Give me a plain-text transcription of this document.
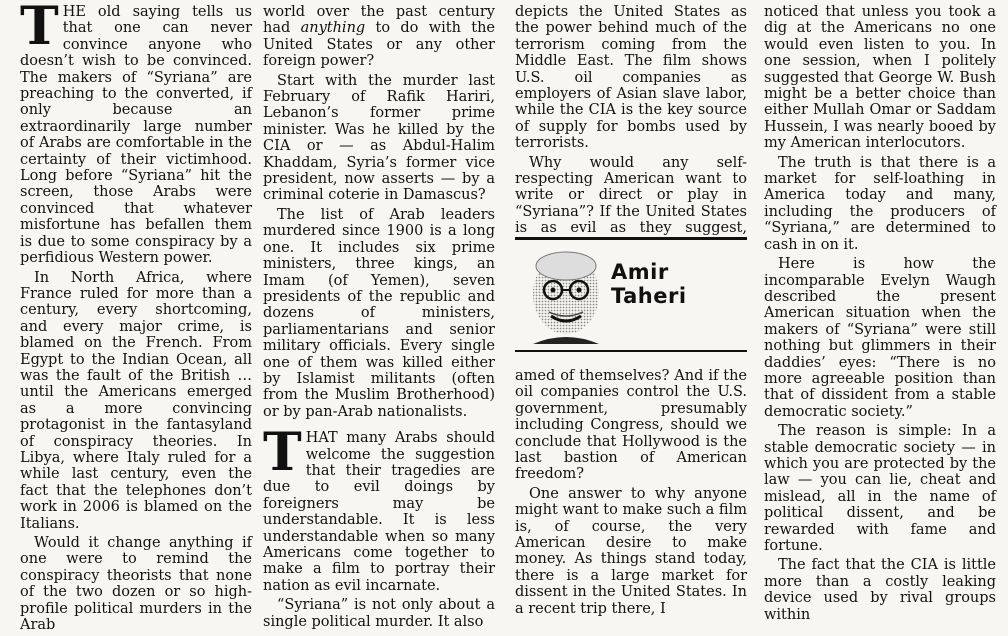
THE old saying tells us that one can never convince anyone who doesn’t wish to be convinced. The makers of “Syriana” are preaching to the converted, if only because an extraordinarily large number of Arabs are comfortable in the certainty of their victimhood. Long before “Syriana” hit the screen, those Arabs were convinced that whatever misfortune has befallen them is due to some conspiracy by a perfidious Western power.

In North Africa, where France ruled for more than a century, every shortcoming, and every major crime, is blamed on the French. From Egypt to the Indian Ocean, all was the fault of the British … until the Americans emerged as a more convincing protagonist in the fantasyland of conspiracy theories. In Libya, where Italy ruled for a while last century, even the fact that the telephones don’t work in 2006 is blamed on the Italians.

Would it change anything if one were to remind the conspiracy theorists that none of the two dozen or so high-profile political murders in the Arab

world over the past century had anything to do with the United States or any other foreign power?

Start with the murder last February of Rafik Hariri, Lebanon’s former prime minister. Was he killed by the CIA or — as Abdul-Halim Khaddam, Syria’s former vice president, now asserts — by a criminal coterie in Damascus?

The list of Arab leaders murdered since 1900 is a long one. It includes six prime ministers, three kings, an Imam (of Yemen), seven presidents of the republic and dozens of ministers, parliamentarians and senior military officials. Every single one of them was killed either by Islamist militants (often from the Muslim Brotherhood) or by pan-Arab nationalists.

THAT many Arabs should welcome the suggestion that their tragedies are due to evil doings by foreigners may be understandable. It is less understandable when so many Americans come together to make a film to portray their nation as evil incarnate.

“Syriana” is not only about a single political murder. It also

depicts the United States as the power behind much of the terrorism coming from the Middle East. The film shows U.S. oil companies as employers of Asian slave labor, while the CIA is the key source of supply for bombs used by terrorists.

Why would any self-respecting American want to write or direct or play in “Syriana”? If the United States is as evil as they suggest,

Amir
Taheri

amed of themselves? And if the oil companies control the U.S. government, presumably including Congress, should we conclude that Hollywood is the last bastion of American freedom?

One answer to why anyone might want to make such a film is, of course, the very American desire to make money. As things stand today, there is a large market for dissent in the United States. In a recent trip there, I

noticed that unless you took a dig at the Americans no one would even listen to you. In one session, when I politely suggested that George W. Bush might be a better choice than either Mullah Omar or Saddam Hussein, I was nearly booed by my American interlocutors.

The truth is that there is a market for self-loathing in America today and many, including the producers of “Syriana,” are determined to cash in on it.

Here is how the incomparable Evelyn Waugh described the present American situation when the makers of “Syriana” were still nothing but glimmers in their daddies’ eyes: “There is no more agreeable position than that of dissident from a stable democratic society.”

The reason is simple: In a stable democratic society — in which you are protected by the law — you can lie, cheat and mislead, all in the name of political dissent, and be rewarded with fame and fortune.

The fact that the CIA is little more than a costly leaking device used by rival groups within
